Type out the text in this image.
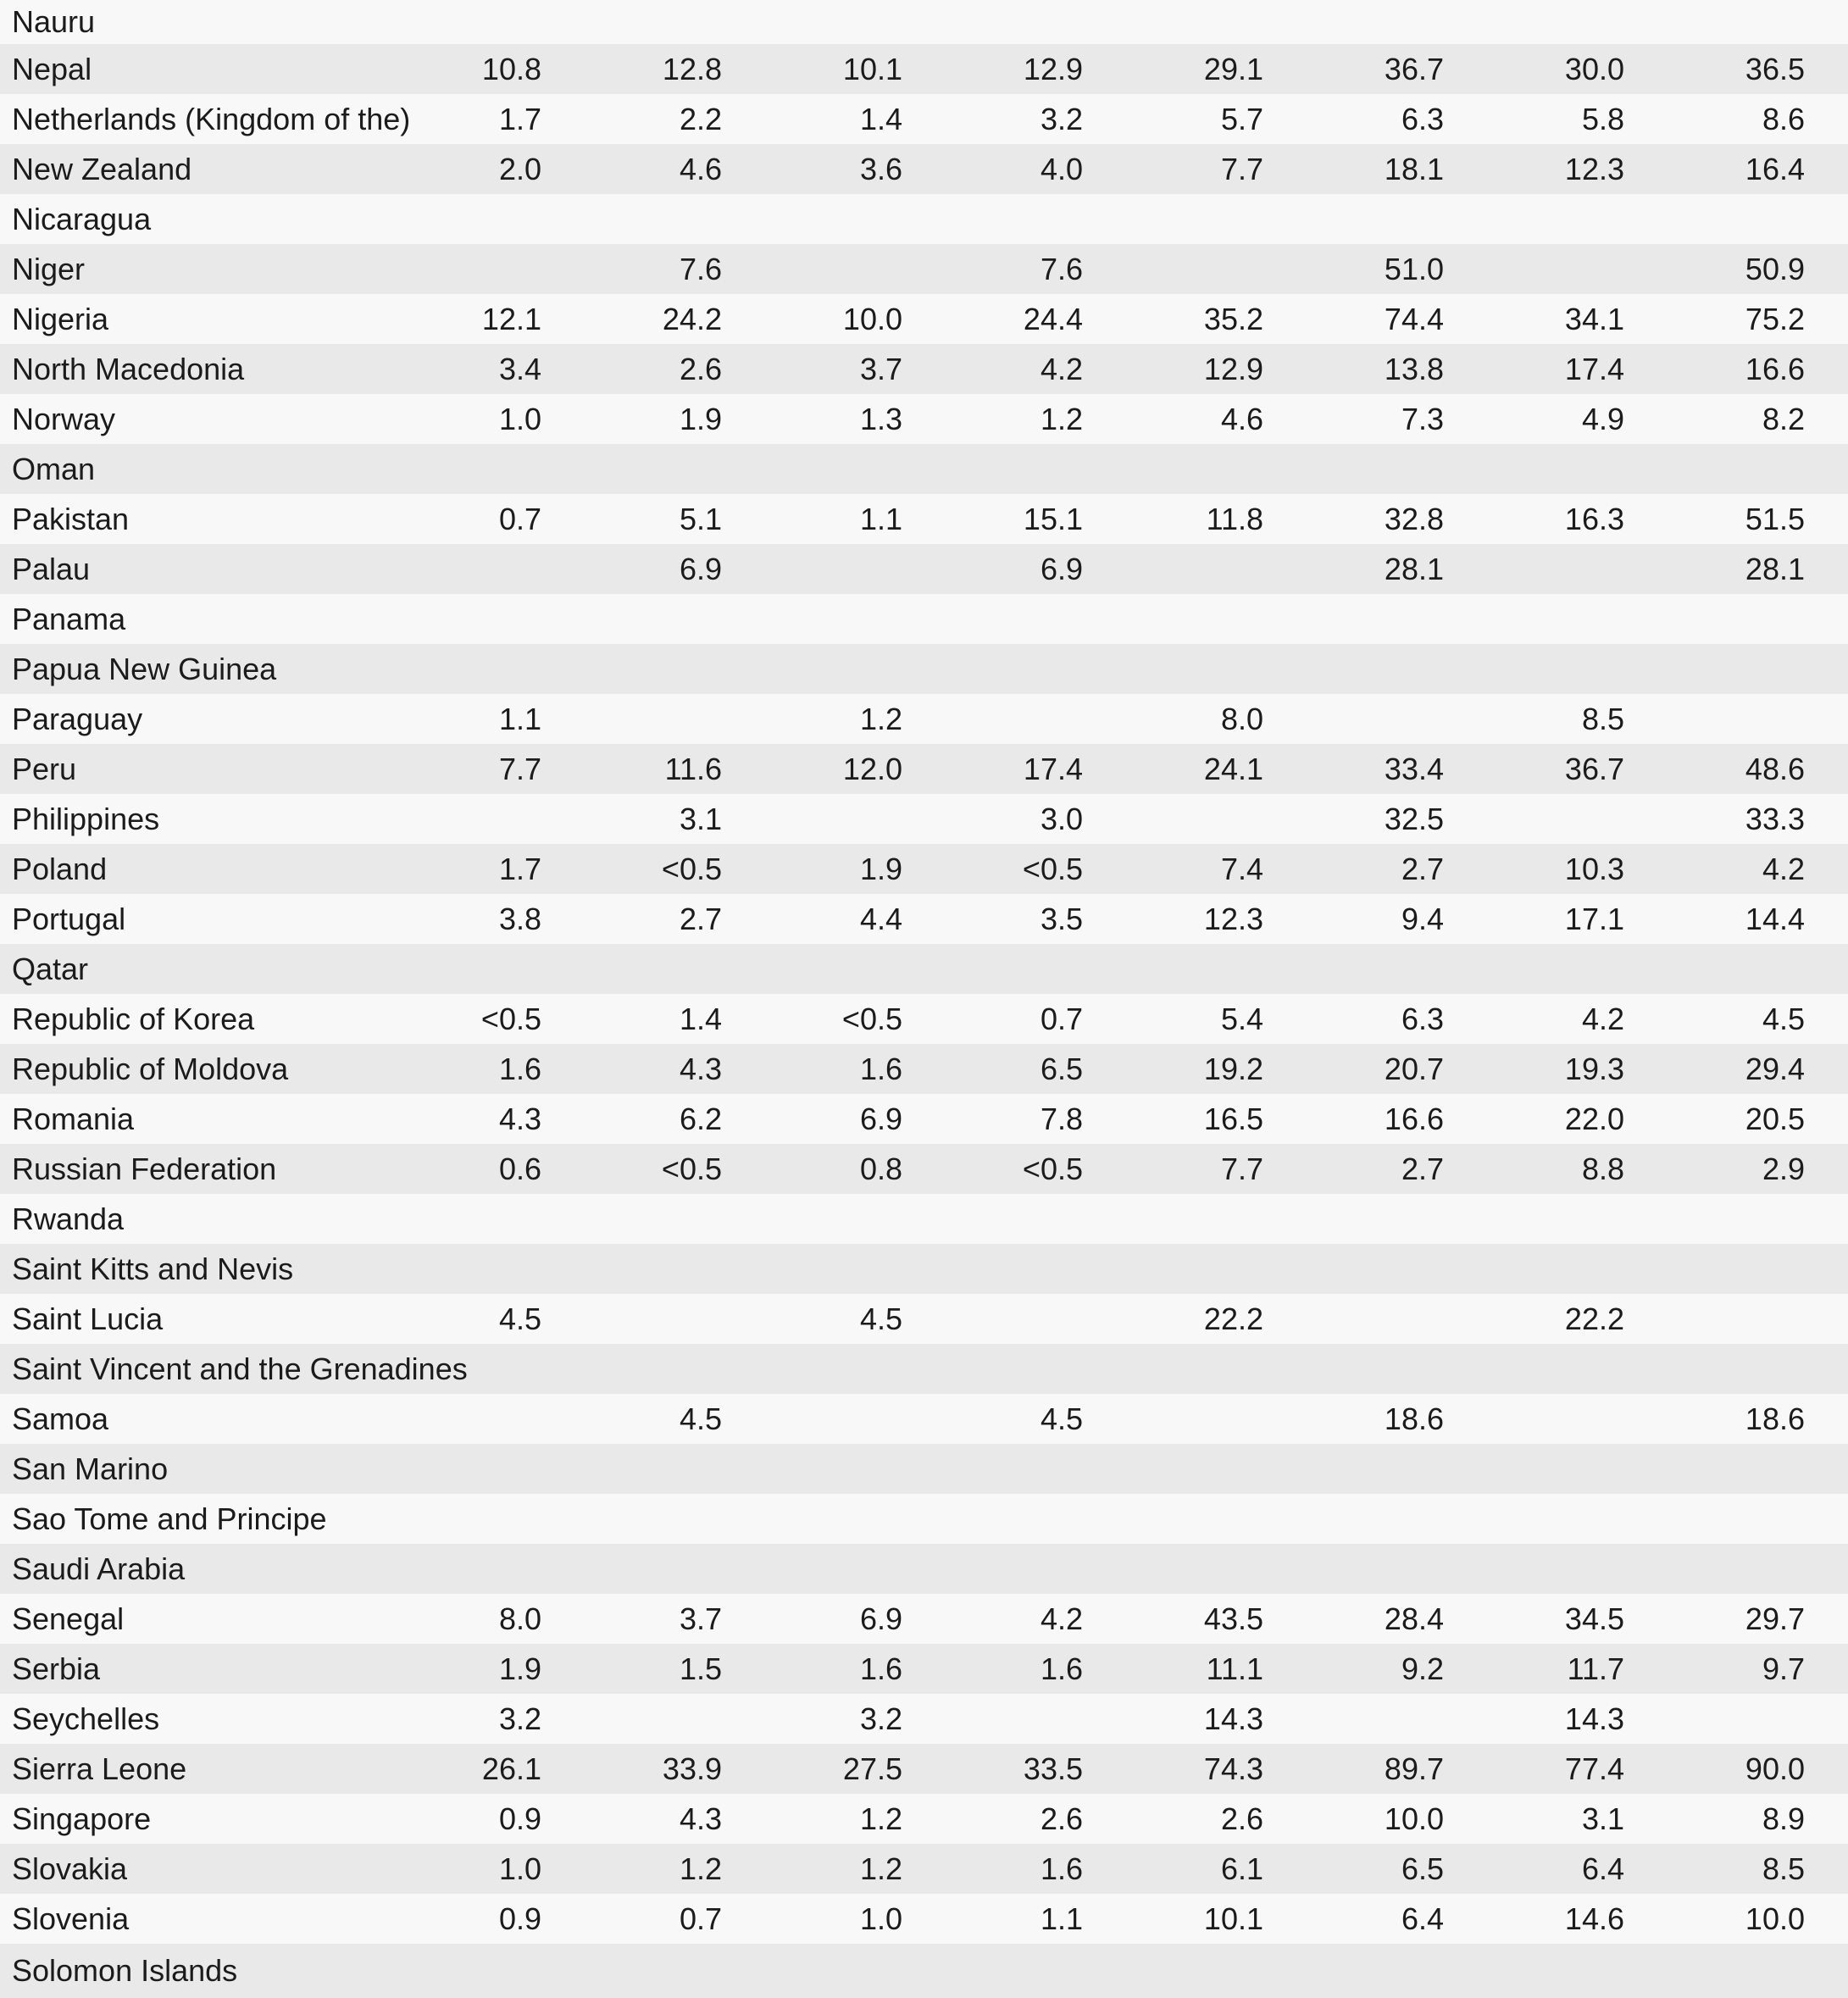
Nauru								
Nepal	10.8	12.8	10.1	12.9	29.1	36.7	30.0	36.5
Netherlands (Kingdom of the)	1.7	2.2	1.4	3.2	5.7	6.3	5.8	8.6
New Zealand	2.0	4.6	3.6	4.0	7.7	18.1	12.3	16.4
Nicaragua								
Niger		7.6		7.6		51.0		50.9
Nigeria	12.1	24.2	10.0	24.4	35.2	74.4	34.1	75.2
North Macedonia	3.4	2.6	3.7	4.2	12.9	13.8	17.4	16.6
Norway	1.0	1.9	1.3	1.2	4.6	7.3	4.9	8.2
Oman								
Pakistan	0.7	5.1	1.1	15.1	11.8	32.8	16.3	51.5
Palau		6.9		6.9		28.1		28.1
Panama								
Papua New Guinea								
Paraguay	1.1		1.2		8.0		8.5	
Peru	7.7	11.6	12.0	17.4	24.1	33.4	36.7	48.6
Philippines		3.1		3.0		32.5		33.3
Poland	1.7	<0.5	1.9	<0.5	7.4	2.7	10.3	4.2
Portugal	3.8	2.7	4.4	3.5	12.3	9.4	17.1	14.4
Qatar								
Republic of Korea	<0.5	1.4	<0.5	0.7	5.4	6.3	4.2	4.5
Republic of Moldova	1.6	4.3	1.6	6.5	19.2	20.7	19.3	29.4
Romania	4.3	6.2	6.9	7.8	16.5	16.6	22.0	20.5
Russian Federation	0.6	<0.5	0.8	<0.5	7.7	2.7	8.8	2.9
Rwanda								
Saint Kitts and Nevis								
Saint Lucia	4.5		4.5		22.2		22.2	
Saint Vincent and the Grenadines								
Samoa		4.5		4.5		18.6		18.6
San Marino								
Sao Tome and Principe								
Saudi Arabia								
Senegal	8.0	3.7	6.9	4.2	43.5	28.4	34.5	29.7
Serbia	1.9	1.5	1.6	1.6	11.1	9.2	11.7	9.7
Seychelles	3.2		3.2		14.3		14.3	
Sierra Leone	26.1	33.9	27.5	33.5	74.3	89.7	77.4	90.0
Singapore	0.9	4.3	1.2	2.6	2.6	10.0	3.1	8.9
Slovakia	1.0	1.2	1.2	1.6	6.1	6.5	6.4	8.5
Slovenia	0.9	0.7	1.0	1.1	10.1	6.4	14.6	10.0
Solomon Islands								
